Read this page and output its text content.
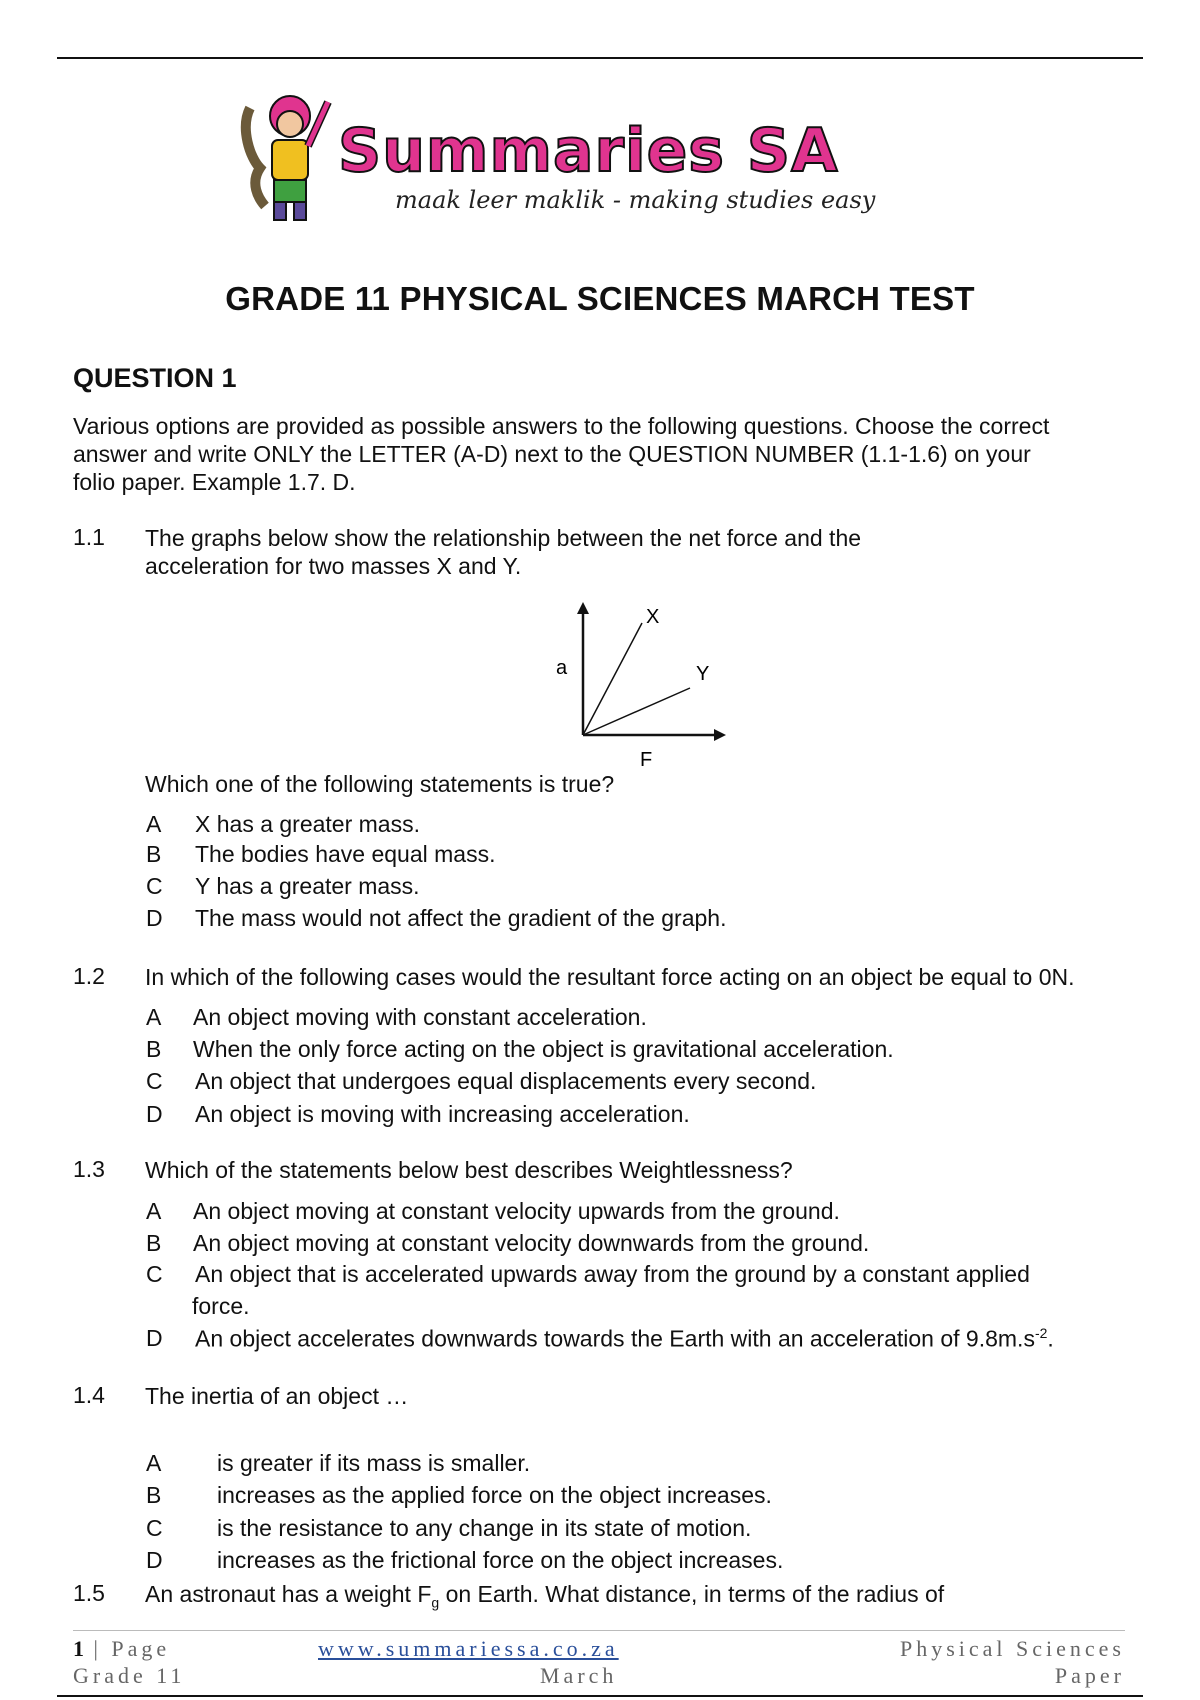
Summaries SA
maak leer maklik - making studies easy
GRADE 11 PHYSICAL SCIENCES MARCH TEST
QUESTION 1
Various options are provided as possible answers to the following questions. Choose the correct
answer and write ONLY the LETTER (A-D) next to the QUESTION NUMBER (1.1-1.6) on your
folio paper. Example 1.7. D.
1.1 The graphs below show the relationship between the net force and the
acceleration for two masses X and Y.
a
F
X
Y
Which one of the following statements is true?
A X has a greater mass.
B The bodies have equal mass.
C Y has a greater mass.
D The mass would not affect the gradient of the graph.
1.2 In which of the following cases would the resultant force acting on an object be equal to 0N.
A An object moving with constant acceleration.
B When the only force acting on the object is gravitational acceleration.
C An object that undergoes equal displacements every second.
D An object is moving with increasing acceleration.
1.3 Which of the statements below best describes Weightlessness?
A An object moving at constant velocity upwards from the ground.
B An object moving at constant velocity downwards from the ground.
C An object that is accelerated upwards away from the ground by a constant applied
force.
D An object accelerates downwards towards the Earth with an acceleration of $9.8m.s^{-2}$.
1.4 The inertia of an object …
A is greater if its mass is smaller.
B increases as the applied force on the object increases.
C is the resistance to any change in its state of motion.
D increases as the frictional force on the object increases.
1.5 An astronaut has a weight $F_g$ on Earth. What distance, in terms of the radius of
1 | Page
Grade 11
www.summariessa.co.za
March
Physical Sciences
Paper
